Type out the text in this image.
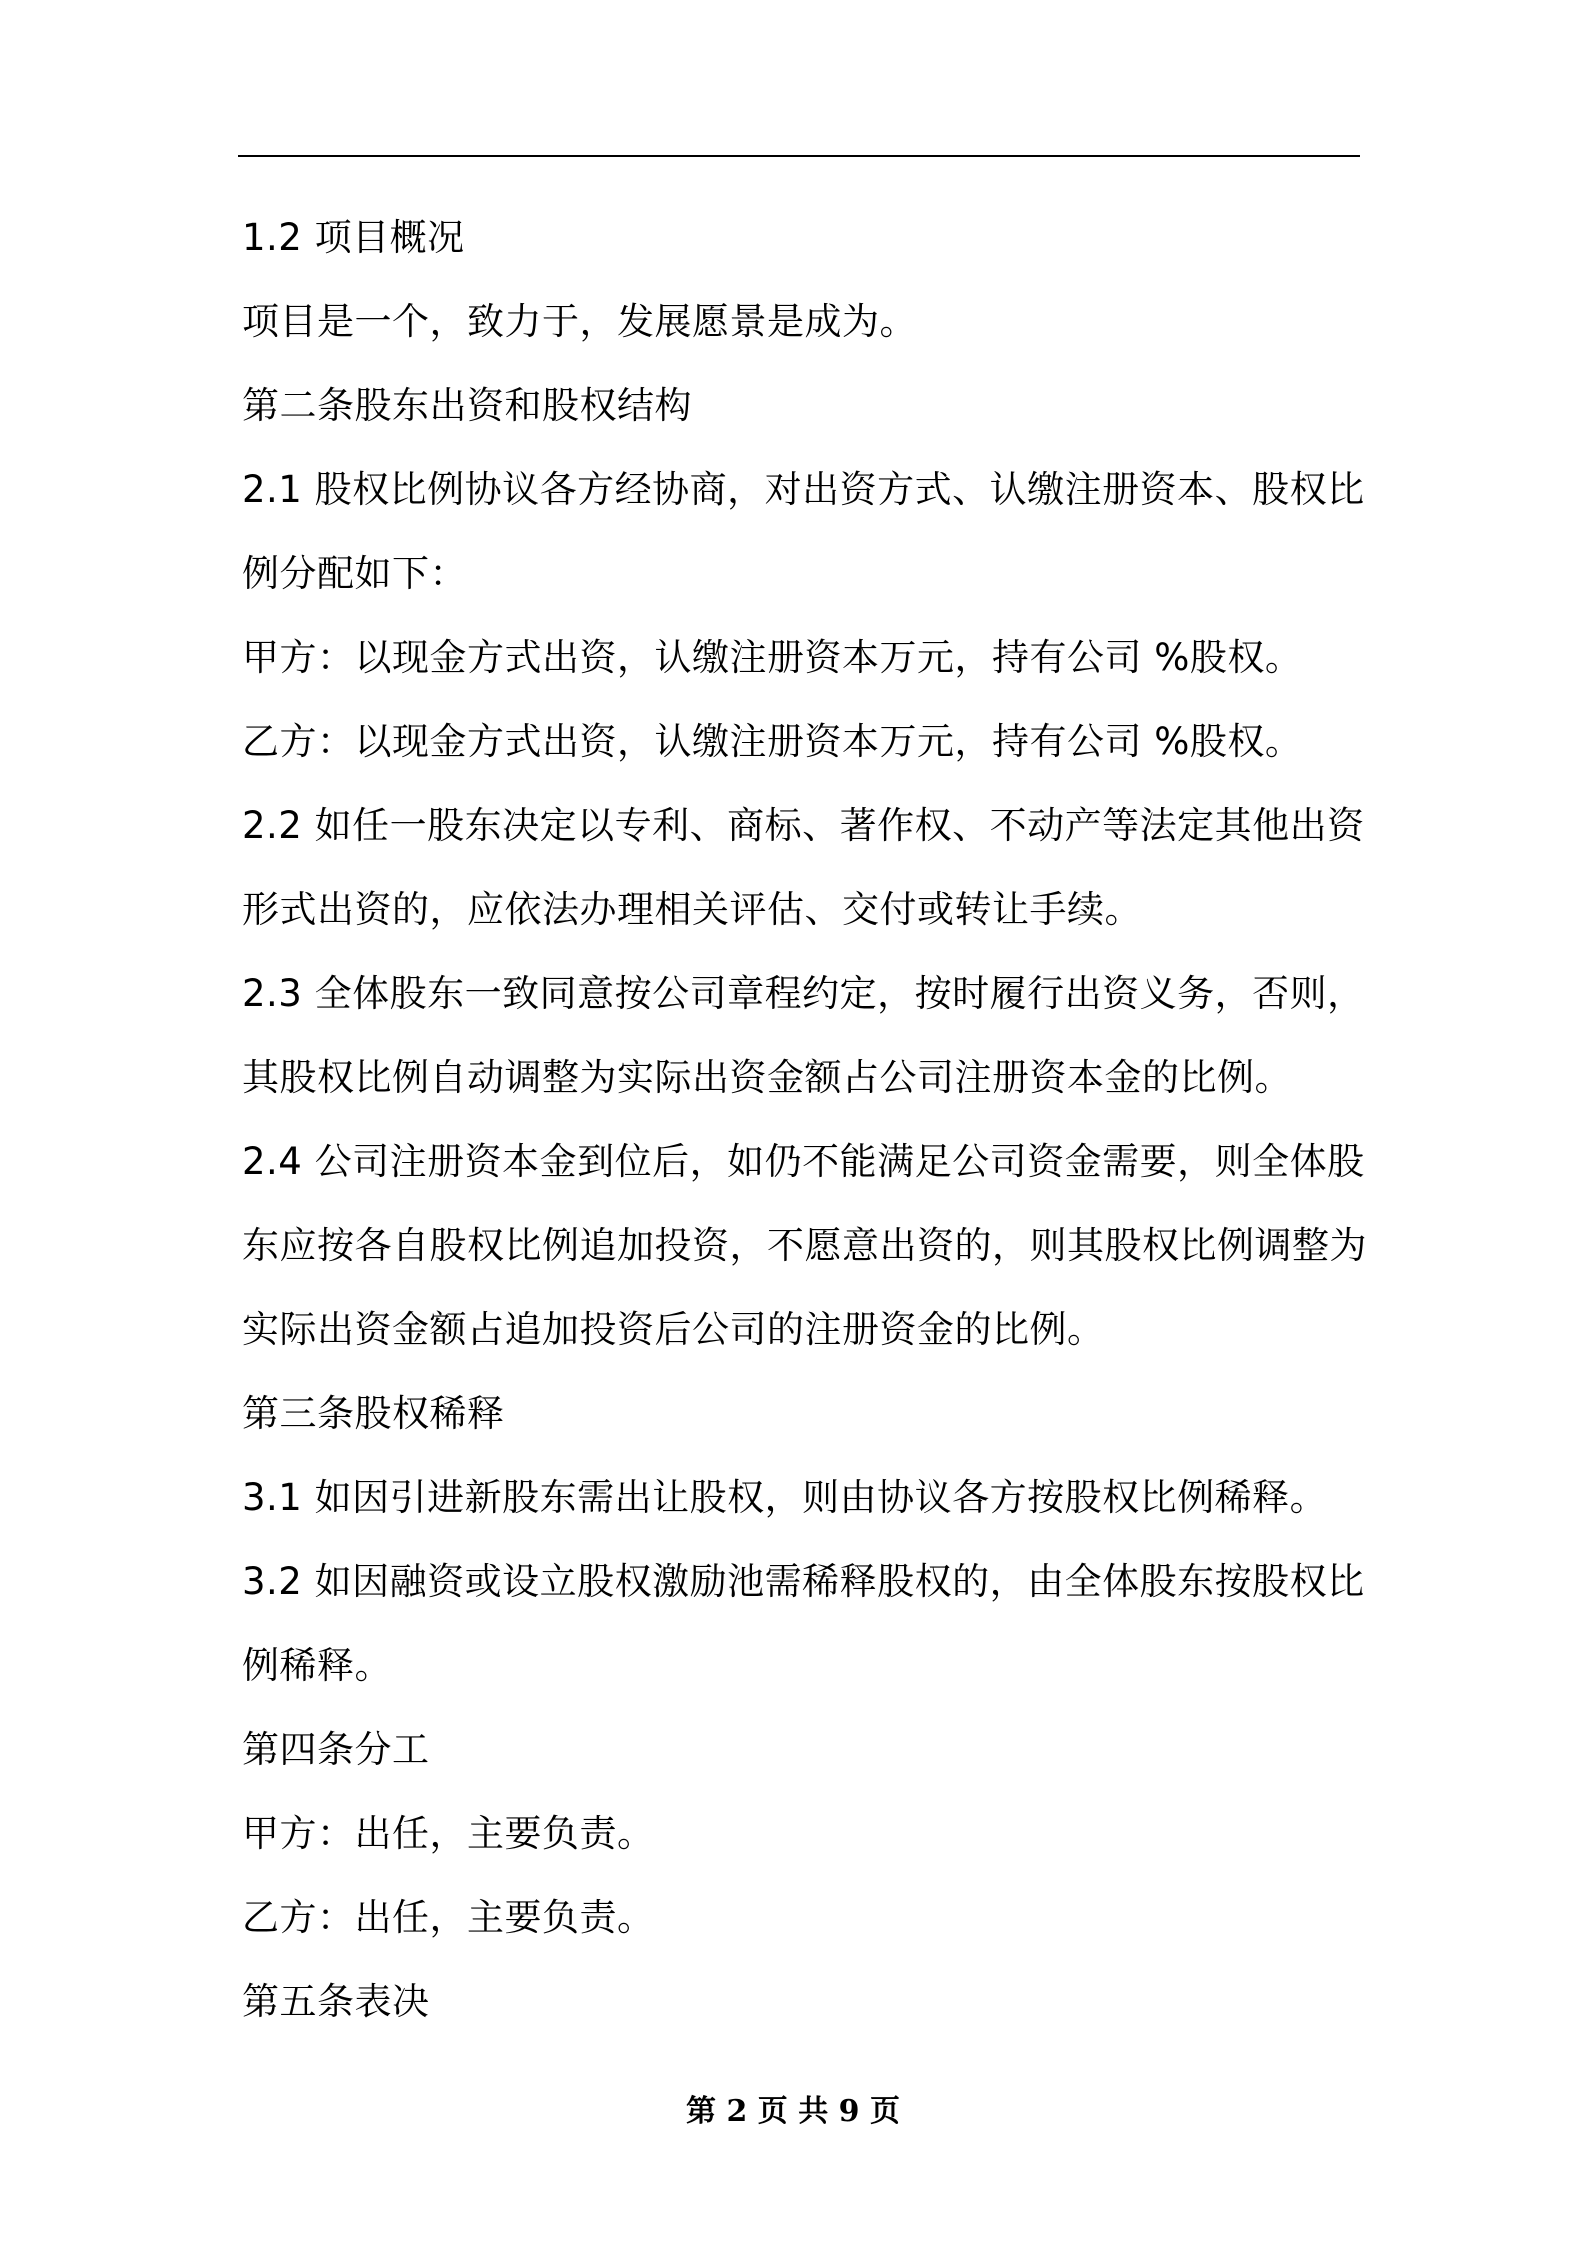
1.2 项目概况
项目是一个，致力于，发展愿景是成为。
第二条股东出资和股权结构
2.1 股权比例协议各方经协商，对出资方式、认缴注册资本、股权比
例分配如下：
甲方：以现金方式出资，认缴注册资本万元，持有公司 %股权。
乙方：以现金方式出资，认缴注册资本万元，持有公司 %股权。
2.2 如任一股东决定以专利、商标、著作权、不动产等法定其他出资
形式出资的，应依法办理相关评估、交付或转让手续。
2.3 全体股东一致同意按公司章程约定，按时履行出资义务，否则，
其股权比例自动调整为实际出资金额占公司注册资本金的比例。
2.4 公司注册资本金到位后，如仍不能满足公司资金需要，则全体股
东应按各自股权比例追加投资，不愿意出资的，则其股权比例调整为
实际出资金额占追加投资后公司的注册资金的比例。
第三条股权稀释
3.1 如因引进新股东需出让股权，则由协议各方按股权比例稀释。
3.2 如因融资或设立股权激励池需稀释股权的，由全体股东按股权比
例稀释。
第四条分工
甲方：出任，主要负责。
乙方：出任，主要负责。
第五条表决
第 2 页 共 9 页
